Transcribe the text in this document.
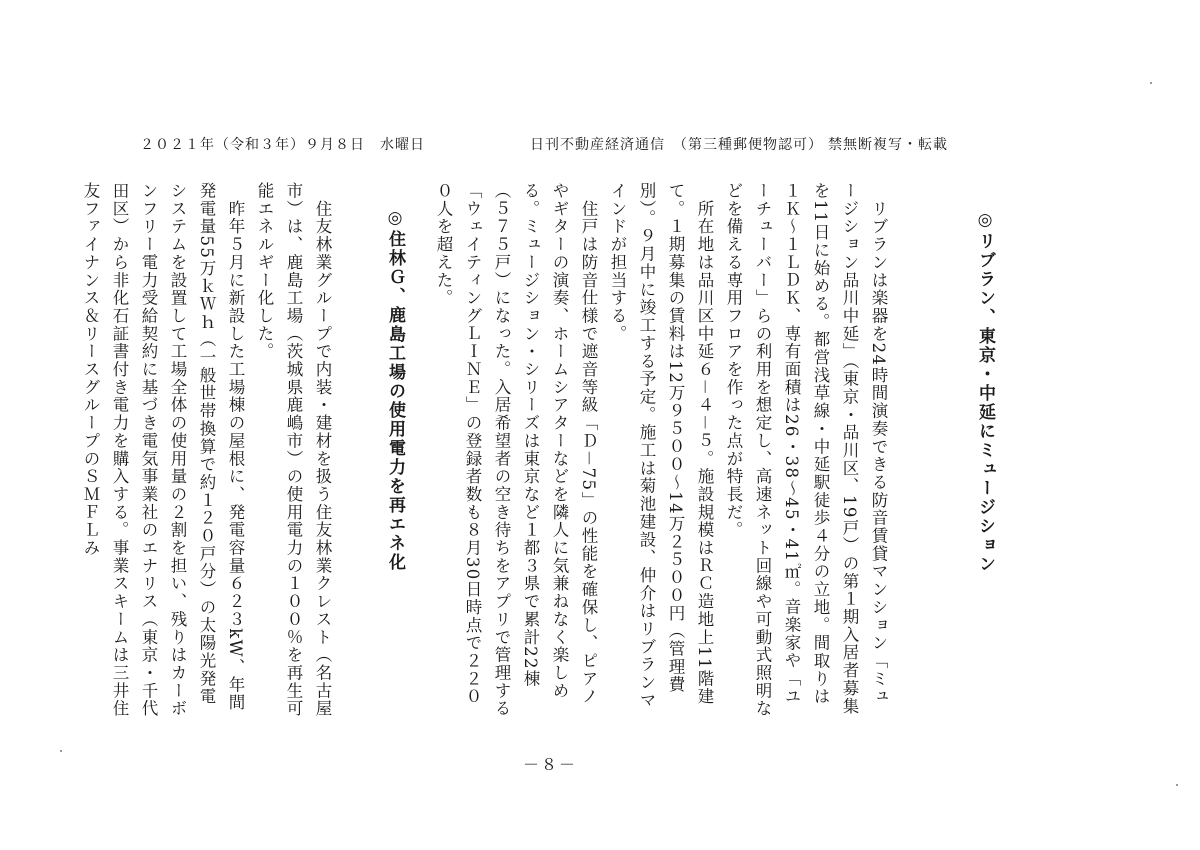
２０２１年（令和３年）９月８日　水曜日	日刊不動産経済通信　（第三種郵便物認可） 禁無断複写・転載

◎リブラン、東京・中延にミュージション

　リブランは楽器を24時間演奏できる防音賃貸マンション「ミュージション品川中延」（東京・品川区、19戸）の第１期入居者募集を11日に始める。都営浅草線・中延駅徒歩４分の立地。間取りは１Ｋ～１ＬＤＫ、専有面積は26・38～45・41㎡。音楽家や「ユーチューバー」らの利用を想定し、高速ネット回線や可動式照明などを備える専用フロアを作った点が特長だ。
　所在地は品川区中延６－４－５。施設規模はＲＣ造地上11階建て。１期募集の賃料は12万９５００～14万２５００円（管理費別）。９月中に竣工する予定。施工は菊池建設、仲介はリブランマインドが担当する。
　住戸は防音仕様で遮音等級「Ｄ－75」の性能を確保し、ピアノやギターの演奏、ホームシアターなどを隣人に気兼ねなく楽しめる。ミュージション・シリーズは東京など１都３県で累計22棟（５７５戸）になった。入居希望者の空き待ちをアプリで管理する「ウェイティングＬＩＮＥ」の登録者数も８月30日時点で２２００人を超えた。

◎住林Ｇ、鹿島工場の使用電力を再エネ化

　住友林業グループで内装・建材を扱う住友林業クレスト（名古屋市）は、鹿島工場（茨城県鹿嶋市）の使用電力の１００％を再生可能エネルギー化した。
　昨年５月に新設した工場棟の屋根に、発電容量６２３kW、年間発電量55万ｋＷｈ（一般世帯換算で約１２０戸分）の太陽光発電システムを設置して工場全体の使用量の２割を担い、残りはカーボンフリー電力受給契約に基づき電気事業社のエナリス（東京・千代田区）から非化石証書付き電力を購入する。事業スキームは三井住友ファイナンス＆リースグループのＳＭＦＬみ

－８－
